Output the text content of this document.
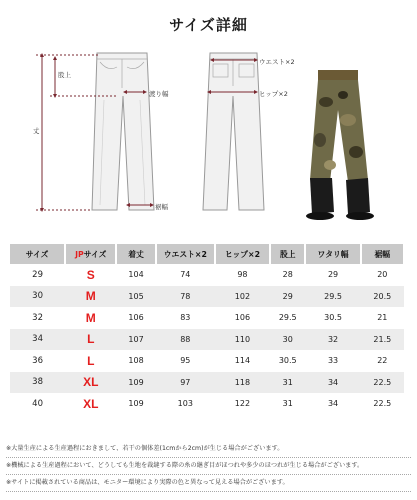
サイズ詳細
股上
丈
渡り幅
裾幅
ウエスト×2
ヒップ×2
サイズ	JPサイズ	着丈	ウエスト×2	ヒップ×2	股上	ワタリ幅	裾幅
29	S	104	74	98	28	29	20
30	M	105	78	102	29	29.5	20.5
32	M	106	83	106	29.5	30.5	21
34	L	107	88	110	30	32	21.5
36	L	108	95	114	30.5	33	22
38	XL	109	97	118	31	34	22.5
40	XL	109	103	122	31	34	22.5
※大量生産による生産過程におきまして、若干の個体差(1cmから2cm)が生じる場合がございます。
※機械による生産過程において、どうしても生地を裁縫する際の糸の継ぎ目がほつれや多少のほつれが生じる場合がございます。
※サイトに掲載されている商品は、モニター環境により実際の色と異なって見える場合がございます。
